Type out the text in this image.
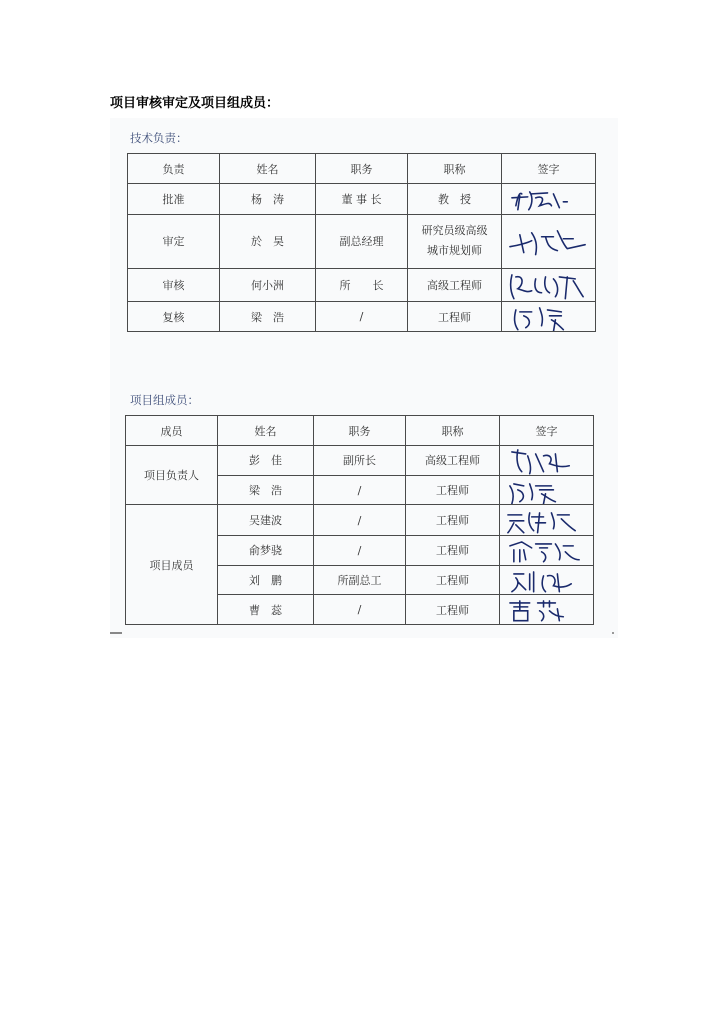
项目审核审定及项目组成员：
技术负责：
负责	姓名	职务	职称	签字
批准	杨　涛	董 事 长	教　授	

审定	於　昊	副总经理	研究员级高级
城市规划师

审核	何小洲	所　　长	高级工程师	

复核	梁　浩	/	工程师	
项目组成员：
成员	姓名	职务	职称	签字
项目负责人	彭　佳	副所长	高级工程师	

	梁　浩	/	工程师	

项目成员	吴建波	/	工程师	

	俞梦骁	/	工程师	

	刘　鹏	所副总工	工程师	

	曹　蕊	/	工程师	
